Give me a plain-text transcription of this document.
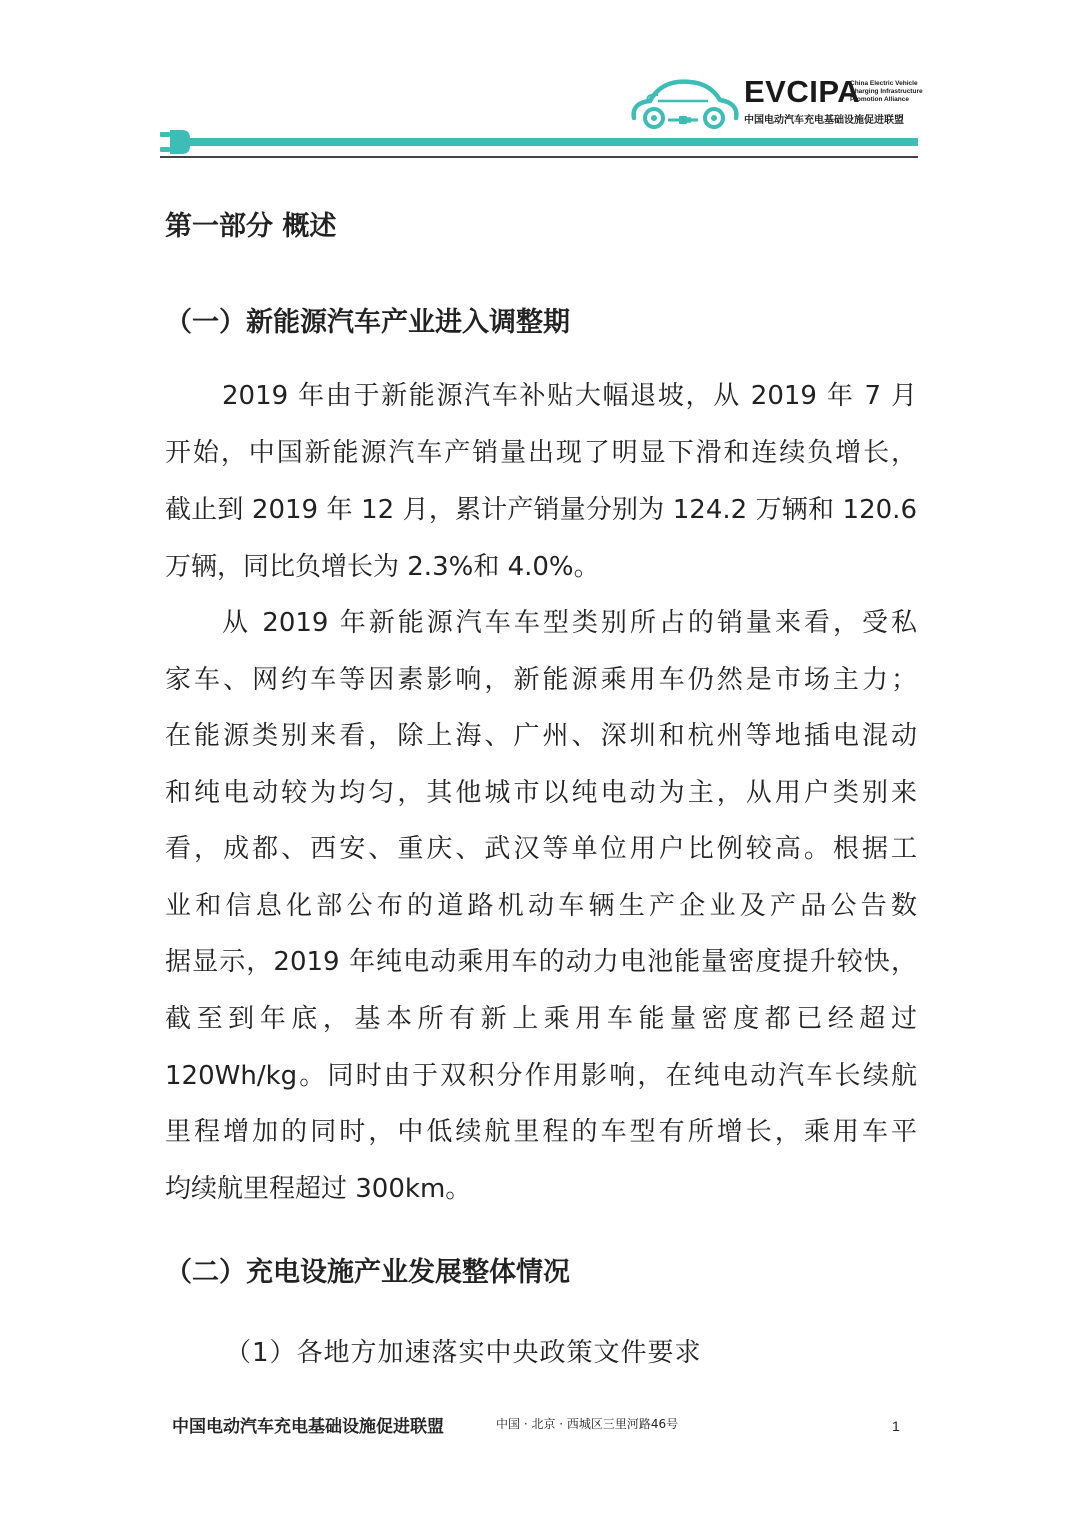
EVCIPA
China Electric Vehicle
Charging Infrastructure
Promotion Alliance
中国电动汽车充电基础设施促进联盟
第一部分 概述
（一）新能源汽车产业进入调整期
2019 年由于新能源汽车补贴大幅退坡，从 2019 年 7 月
开始，中国新能源汽车产销量出现了明显下滑和连续负增长，
截止到 2019 年 12 月，累计产销量分别为 124.2 万辆和 120.6
万辆，同比负增长为 2.3%和 4.0%。
从 2019 年新能源汽车车型类别所占的销量来看，受私
家车、网约车等因素影响，新能源乘用车仍然是市场主力；
在能源类别来看，除上海、广州、深圳和杭州等地插电混动
和纯电动较为均匀，其他城市以纯电动为主，从用户类别来
看，成都、西安、重庆、武汉等单位用户比例较高。根据工
业和信息化部公布的道路机动车辆生产企业及产品公告数
据显示，2019 年纯电动乘用车的动力电池能量密度提升较快，
截至到年底，基本所有新上乘用车能量密度都已经超过
120Wh/kg。同时由于双积分作用影响，在纯电动汽车长续航
里程增加的同时，中低续航里程的车型有所增长，乘用车平
均续航里程超过 300km。
（二）充电设施产业发展整体情况
（1）各地方加速落实中央政策文件要求
中国电动汽车充电基础设施促进联盟	中国 · 北京 · 西城区三里河路46号	1
